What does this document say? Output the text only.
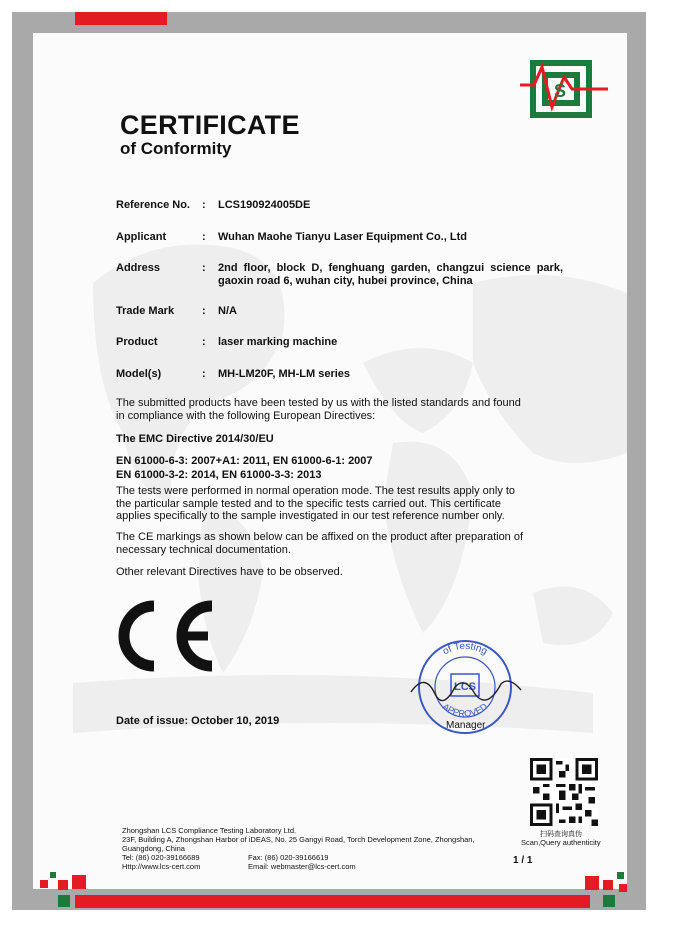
S
CERTIFICATE
of Conformity
Reference No. : LCS190924005DE
Applicant	: Wuhan Maohe Tianyu Laser Equipment Co., Ltd
Address	: 2nd floor, block D, fenghuang garden, changzui science park, gaoxin road 6, wuhan city, hubei province, China
Trade Mark	: N/A
Product	: laser marking machine
Model(s)	: MH-LM20F, MH-LM series
The submitted products have been tested by us with the listed standards and found in compliance with the following European Directives:
The EMC Directive 2014/30/EU
EN 61000-6-3: 2007+A1: 2011, EN 61000-6-1: 2007
EN 61000-3-2: 2014, EN 61000-3-3: 2013
The tests were performed in normal operation mode. The test results apply only to the particular sample tested and to the specific tests carried out. This certificate applies specifically to the sample investigated in our test reference number only.
The CE markings as shown below can be affixed on the product after preparation of necessary technical documentation.
Other relevant Directives have to be observed.
of Testing
LCS
APPROVED
Manager
Date of issue: October 10, 2019
扫码查询真伪
Scan,Query authenticity
Zhongshan LCS Compliance Testing Laboratory Ltd.
23F, Building A, Zhongshan Harbor of iDEAS, No. 25 Gangyi Road, Torch Development Zone, Zhongshan,
Guangdong, China
Tel: (86) 020-39166689	Fax: (86) 020-39166619
Http://www.lcs-cert.com	Email: webmaster@lcs-cert.com
1 / 1
